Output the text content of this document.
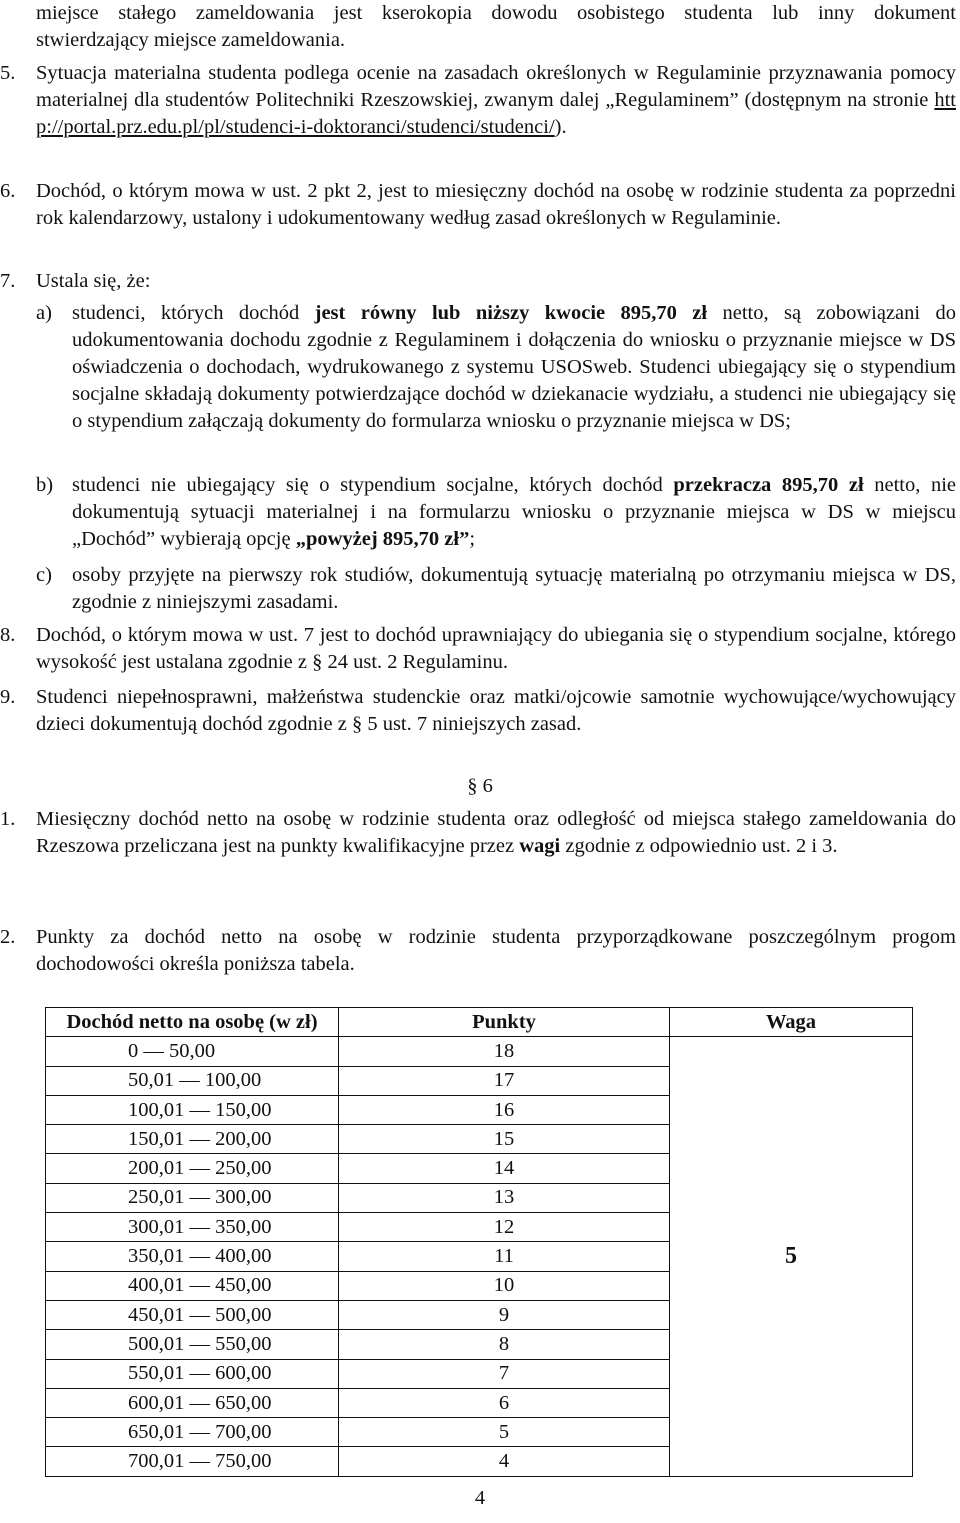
miejsce stałego zameldowania jest kserokopia dowodu osobistego studenta lub inny dokument
stwierdzający miejsce zameldowania.
5. Sytuacja materialna studenta podlega ocenie na zasadach określonych w Regulaminie przyznawania pomocy materialnej dla studentów Politechniki Rzeszowskiej, zwanym dalej „Regulaminem” (dostępnym na stronie http://portal.prz.edu.pl/pl/studenci-i-doktoranci/studenci/studenci/).
6. Dochód, o którym mowa w ust. 2 pkt 2, jest to miesięczny dochód na osobę w rodzinie studenta za poprzedni rok kalendarzowy, ustalony i udokumentowany według zasad określonych w Regulaminie.
7. Ustala się, że:
a) studenci, których dochód jest równy lub niższy kwocie 895,70 zł netto, są zobowiązani do udokumentowania dochodu zgodnie z Regulaminem i dołączenia do wniosku o przyznanie miejsce w DS oświadczenia o dochodach, wydrukowanego z systemu USOSweb. Studenci ubiegający się o stypendium socjalne składają dokumenty potwierdzające dochód w dziekanacie wydziału, a studenci nie ubiegający się o stypendium załączają dokumenty do formularza wniosku o przyznanie miejsca w DS;
b) studenci nie ubiegający się o stypendium socjalne, których dochód przekracza 895,70 zł netto, nie dokumentują sytuacji materialnej i na formularzu wniosku o przyznanie miejsca w DS w miejscu „Dochód” wybierają opcję „powyżej 895,70 zł”;
c) osoby przyjęte na pierwszy rok studiów, dokumentują sytuację materialną po otrzymaniu miejsca w DS, zgodnie z niniejszymi zasadami.
8. Dochód, o którym mowa w ust. 7 jest to dochód uprawniający do ubiegania się o stypendium socjalne, którego wysokość jest ustalana zgodnie z § 24 ust. 2 Regulaminu.
9. Studenci niepełnosprawni, małżeństwa studenckie oraz matki/ojcowie samotnie wychowujące/wychowujący dzieci dokumentują dochód zgodnie z § 5 ust. 7 niniejszych zasad.
§ 6
1. Miesięczny dochód netto na osobę w rodzinie studenta oraz odległość od miejsca stałego zameldowania do Rzeszowa przeliczana jest na punkty kwalifikacyjne przez wagi zgodnie z odpowiednio ust. 2 i 3.
2. Punkty za dochód netto na osobę w rodzinie studenta przyporządkowane poszczególnym progom dochodowości określa poniższa tabela.
Dochód netto na osobę (w zł)	Punkty	Waga
0 — 50,00	18	5
50,01 — 100,00	17	
100,01 — 150,00	16	
150,01 — 200,00	15	
200,01 — 250,00	14	
250,01 — 300,00	13	
300,01 — 350,00	12	
350,01 — 400,00	11	
400,01 — 450,00	10	
450,01 — 500,00	9	
500,01 — 550,00	8	
550,01 — 600,00	7	
600,01 — 650,00	6	
650,01 — 700,00	5	
700,01 — 750,00	4	
4
